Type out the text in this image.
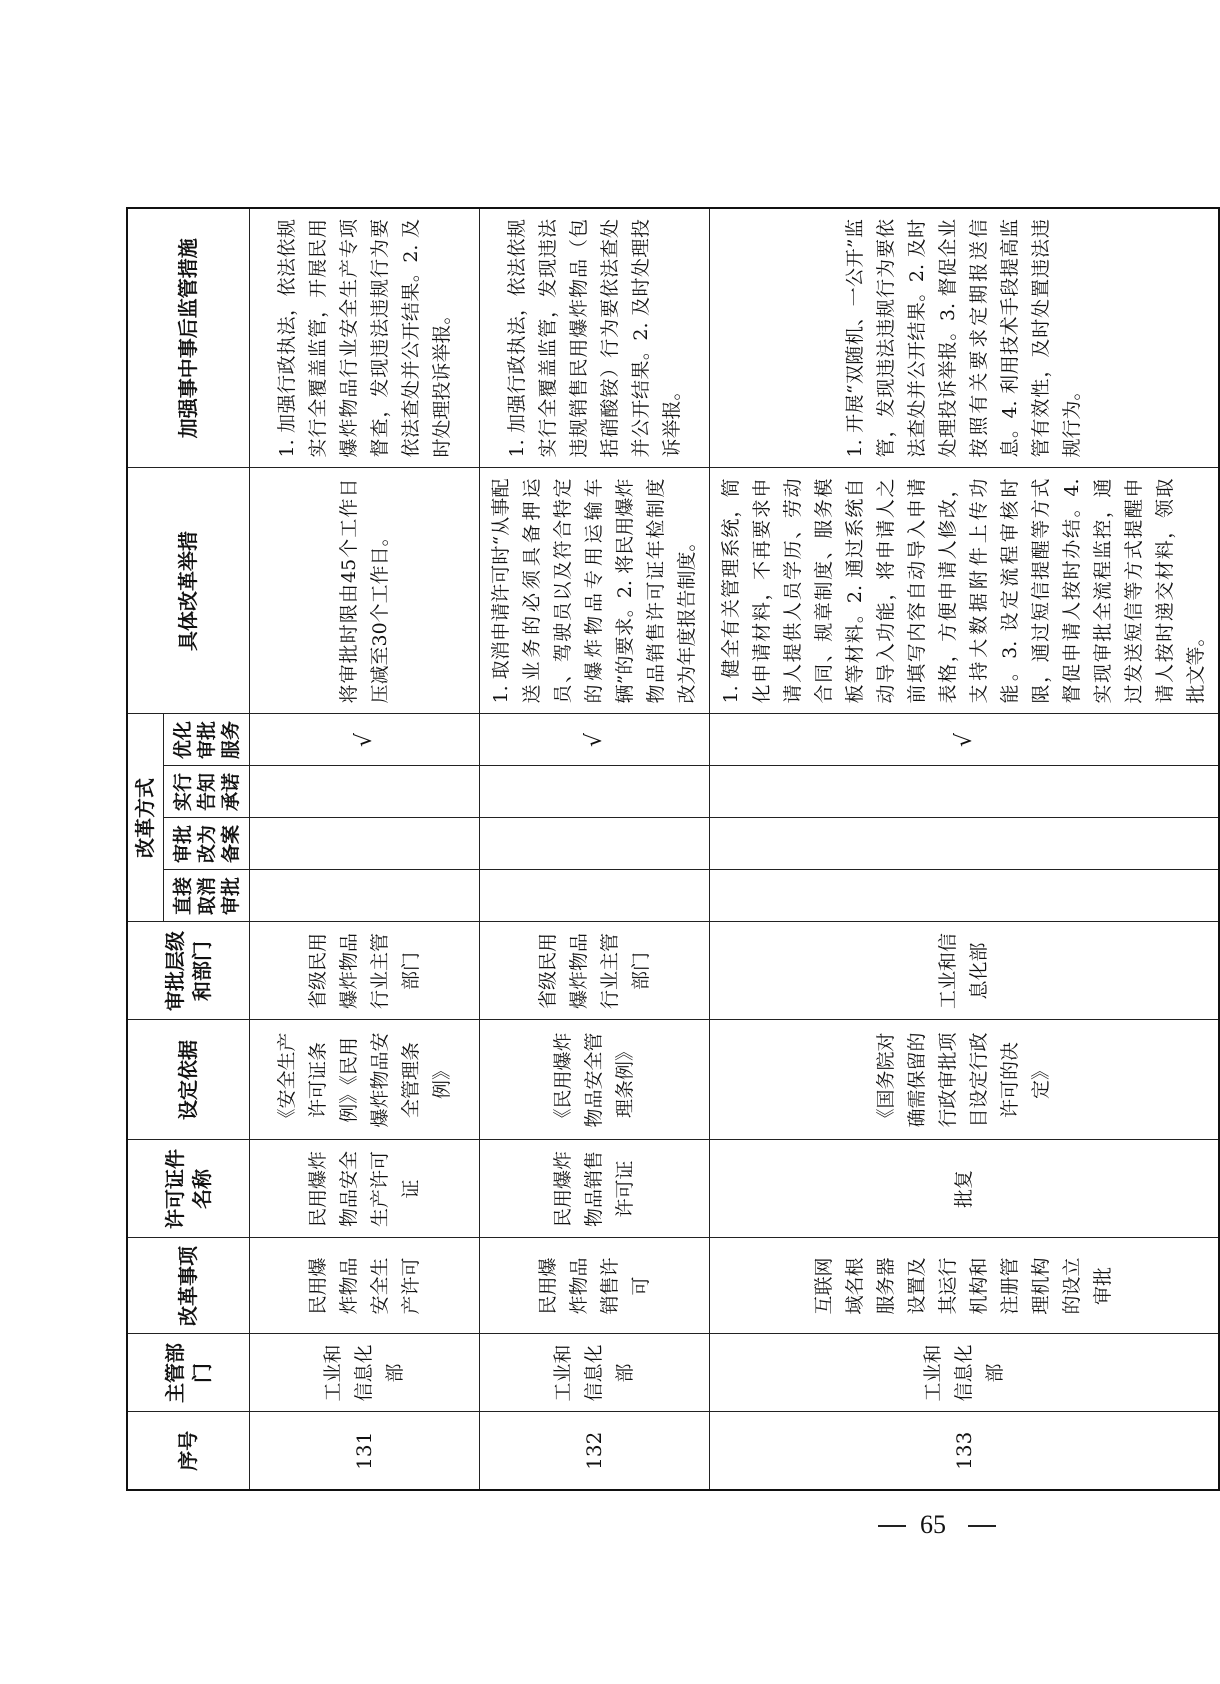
序号	主管部门	改革事项	许可证件名称	设定依据	审批层级和部门	改革方式				具体改革举措	加强事中事后监管措施
						直接取消审批	审批改为备案	实行告知承诺	优化审批服务		
131	工业和信息化部	民用爆炸物品安全生产许可	民用爆炸物品安全生产许可证	《安全生产许可证条例》《民用爆炸物品安全管理条例》	省级民用爆炸物品行业主管部门				√	将审批时限由45个工作日压减至30个工作日。	1. 加强行政执法，依法依规实行全覆盖监管，开展民用爆炸物品行业安全生产专项督查，发现违法违规行为要依法查处并公开结果。2. 及时处理投诉举报。
132	工业和信息化部	民用爆炸物品销售许可	民用爆炸物品销售许可证	《民用爆炸物品安全管理条例》	省级民用爆炸物品行业主管部门				√	1. 取消申请许可时“从事配送业务的必须具备押运员、驾驶员以及符合特定的爆炸物品专用运输车辆”的要求。2. 将民用爆炸物品销售许可证年检制度改为年度报告制度。	1. 加强行政执法，依法依规实行全覆盖监管，发现违法违规销售民用爆炸物品（包括硝酸铵）行为要依法查处并公开结果。2. 及时处理投诉举报。
133	工业和信息化部	互联网域名根服务器设置及其运行机构和注册管理机构的设立审批	批复	《国务院对确需保留的行政审批项目设定行政许可的决定》	工业和信息化部				√	1. 健全有关管理系统，简化申请材料，不再要求申请人提供人员学历、劳动合同、规章制度、服务模板等材料。2. 通过系统自动导入功能，将申请人之前填写内容自动导入申请表格，方便申请人修改，支持大数据附件上传功能。3. 设定流程审核时限，通过短信提醒等方式督促申请人按时办结。4. 实现审批全流程监控，通过发送短信等方式提醒申请人按时递交材料，领取批文等。	1. 开展“双随机、一公开”监管，发现违法违规行为要依法查处并公开结果。2. 及时处理投诉举报。3. 督促企业按照有关要求定期报送信息。4. 利用技术手段提高监管有效性，及时处置违法违规行为。
65
